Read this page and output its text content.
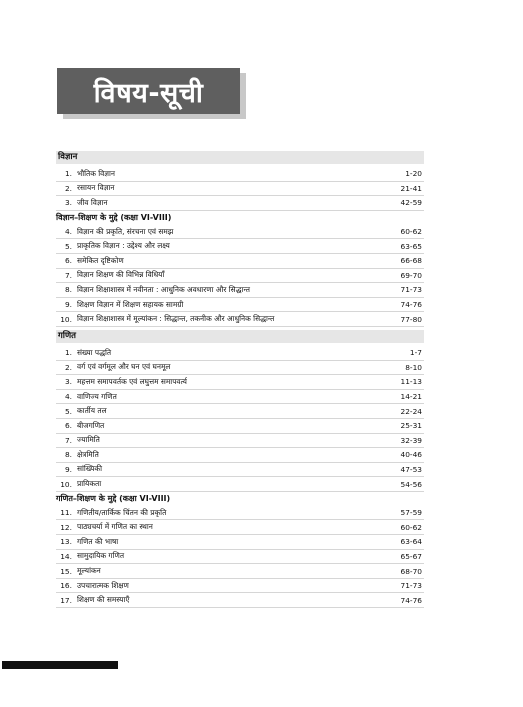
विषय-सूची
विज्ञान
1. भौतिक विज्ञान	1-20
2. रसायन विज्ञान	21-41
3. जीव विज्ञान	42-59
विज्ञान–शिक्षण के मुद्दे (कक्षा VI-VIII)
4. विज्ञान की प्रकृति, संरचना एवं समझ	60-62
5. प्राकृतिक विज्ञान : उद्देश्य और लक्ष्य	63-65
6. समेकित दृष्टिकोण	66-68
7. विज्ञान शिक्षण की विभिन्न विधियाँ	69-70
8. विज्ञान शिक्षाशास्त्र में नवीनता : आधुनिक अवधारणा और सिद्धान्त	71-73
9. शिक्षण विज्ञान में शिक्षण सहायक सामग्री	74-76
10. विज्ञान शिक्षाशास्त्र में मूल्यांकन : सिद्धान्त, तकनीक और आधुनिक सिद्धान्त	77-80
गणित
1. संख्या पद्धति	1-7
2. वर्ग एवं वर्गमूल और घन एवं घनमूल	8-10
3. महत्तम समापवर्तक एवं लघुत्तम समापवर्त्य	11-13
4. वाणिज्य गणित	14-21
5. कार्तीय तल	22-24
6. बीजगणित	25-31
7. ज्यामिति	32-39
8. क्षेत्रमिति	40-46
9. सांख्यिकी	47-53
10. प्रायिकता	54-56
गणित–शिक्षण के मुद्दे (कक्षा VI-VIII)
11. गणितीय/तार्किक चिंतन की प्रकृति	57-59
12. पाठ्यचर्या में गणित का स्थान	60-62
13. गणित की भाषा	63-64
14. सामुदायिक गणित	65-67
15. मूल्यांकन	68-70
16. उपचारात्मक शिक्षण	71-73
17. शिक्षण की समस्याएँ	74-76
